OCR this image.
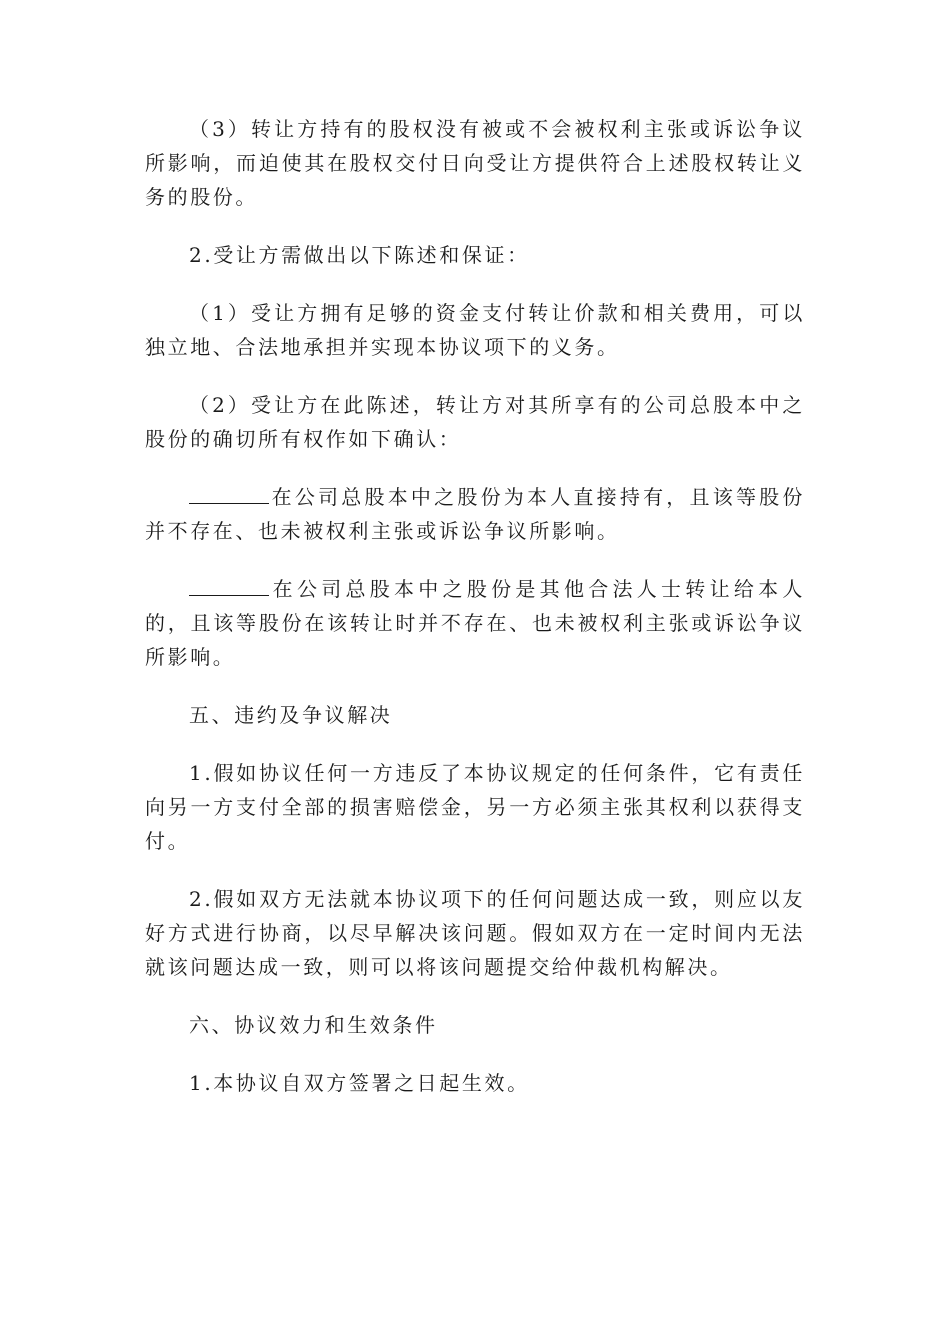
（3）转让方持有的股权没有被或不会被权利主张或诉讼争议所影响，而迫使其在股权交付日向受让方提供符合上述股权转让义务的股份。

2.受让方需做出以下陈述和保证：

（1）受让方拥有足够的资金支付转让价款和相关费用，可以独立地、合法地承担并实现本协议项下的义务。

（2）受让方在此陈述，转让方对其所享有的公司总股本中之股份的确切所有权作如下确认：

在公司总股本中之股份为本人直接持有，且该等股份并不存在、也未被权利主张或诉讼争议所影响。

在公司总股本中之股份是其他合法人士转让给本人的，且该等股份在该转让时并不存在、也未被权利主张或诉讼争议所影响。

五、违约及争议解决

1.假如协议任何一方违反了本协议规定的任何条件，它有责任向另一方支付全部的损害赔偿金，另一方必须主张其权利以获得支付。

2.假如双方无法就本协议项下的任何问题达成一致，则应以友好方式进行协商，以尽早解决该问题。假如双方在一定时间内无法就该问题达成一致，则可以将该问题提交给仲裁机构解决。

六、协议效力和生效条件

1.本协议自双方签署之日起生效。
